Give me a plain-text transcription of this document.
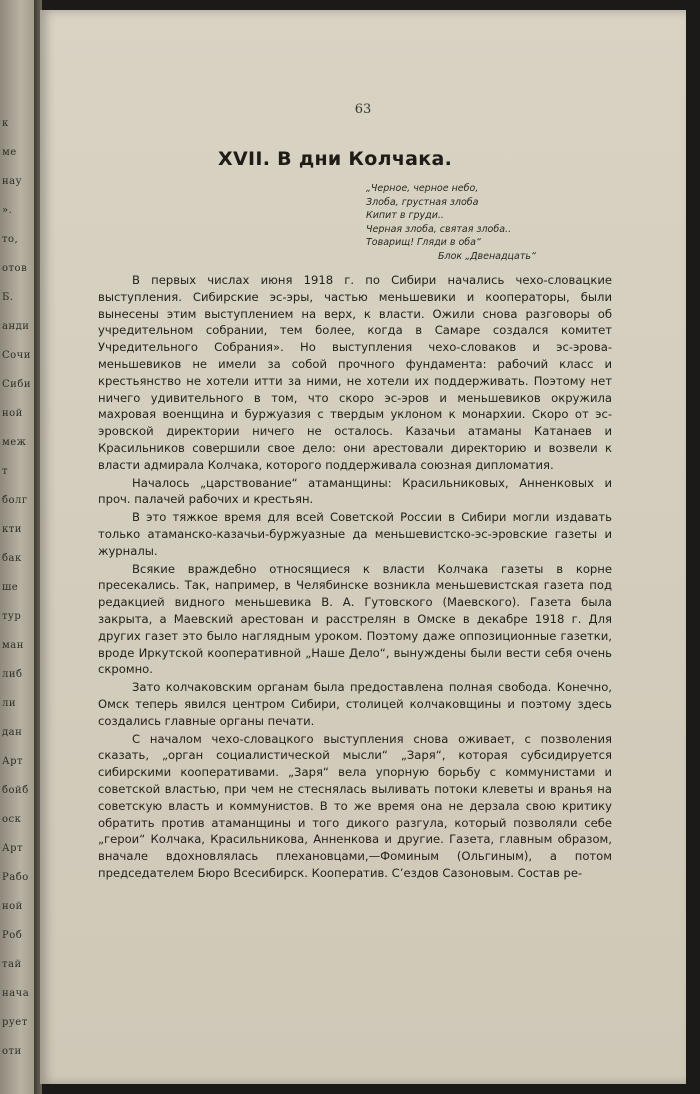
к
ме
нау
».
то,
отов
Б.
анди
Сочи
Сиби
ной
меж
т
болг
кти
бак
ше
тур
ман
либ
ли
дан
Арт
бойб
оск
Арт
Рабо
ной
Роб
тай
нача
рует
оти
63
XVII. В дни Колчака.
„Черное, черное небо,
Злоба, грустная злоба
Кипит в груди..
Черная злоба, святая злоба..
Товарищ! Гляди в оба“
Блок „Двенадцать“

В первых числах июня 1918 г. по Сибири начались чехо-словацкие выступления. Сибирские эс-эры, частью меньшевики и кооператоры, были вынесены этим выступлением на верх, к власти. Ожили снова разговоры об учредительном собрании, тем более, когда в Самаре создался комитет Учредительного Собрания». Но выступления чехо-словаков и эс-эрова-меньшевиков не имели за собой прочного фундамента: рабочий класс и крестьянство не хотели итти за ними, не хотели их поддерживать. Поэтому нет ничего удивительного в том, что скоро эс-эров и меньшевиков окружила махровая военщина и буржуазия с твердым уклоном к монархии. Скоро от эс-эровской директории ничего не осталось. Казачьи атаманы Катанаев и Красильников совершили свое дело: они арестовали директорию и возвели к власти адмирала Колчака, которого поддерживала союзная дипломатия.

Началось „царствование“ атаманщины: Красильниковых, Анненковых и проч. палачей рабочих и крестьян.

В это тяжкое время для всей Советской России в Сибири могли издавать только атаманско-казачьи-буржуазные да меньшевистско-эс-эровские газеты и журналы.

Всякие враждебно относящиеся к власти Колчака газеты в корне пресекались. Так, например, в Челябинске возникла меньшевистская газета под редакцией видного меньшевика В. А. Гутовского (Маевского). Газета была закрыта, а Маевский арестован и расстрелян в Омске в декабре 1918 г. Для других газет это было наглядным уроком. Поэтому даже оппозиционные газетки, вроде Иркутской кооперативной „Наше Дело“, вынуждены были вести себя очень скромно.

Зато колчаковским органам была предоставлена полная свобода. Конечно, Омск теперь явился центром Сибири, столицей колчаковщины и поэтому здесь создались главные органы печати.

С началом чехо-словацкого выступления снова оживает, с позволения сказать, „орган социалистической мысли“ „Заря“, которая субсидируется сибирскими кооперативами. „Заря“ вела упорную борьбу с коммунистами и советской властью, при чем не стеснялась выливать потоки клеветы и вранья на советскую власть и коммунистов. В то же время она не дерзала свою критику обратить против атаманщины и того дикого разгула, который позволяли себе „герои“ Колчака, Красильникова, Анненкова и другие. Газета, главным образом, вначале вдохновлялась плехановцами,—Фоминым (Ольгиным), а потом председателем Бюро Всесибирск. Кооператив. С’ездов Сазоновым. Состав ре-
